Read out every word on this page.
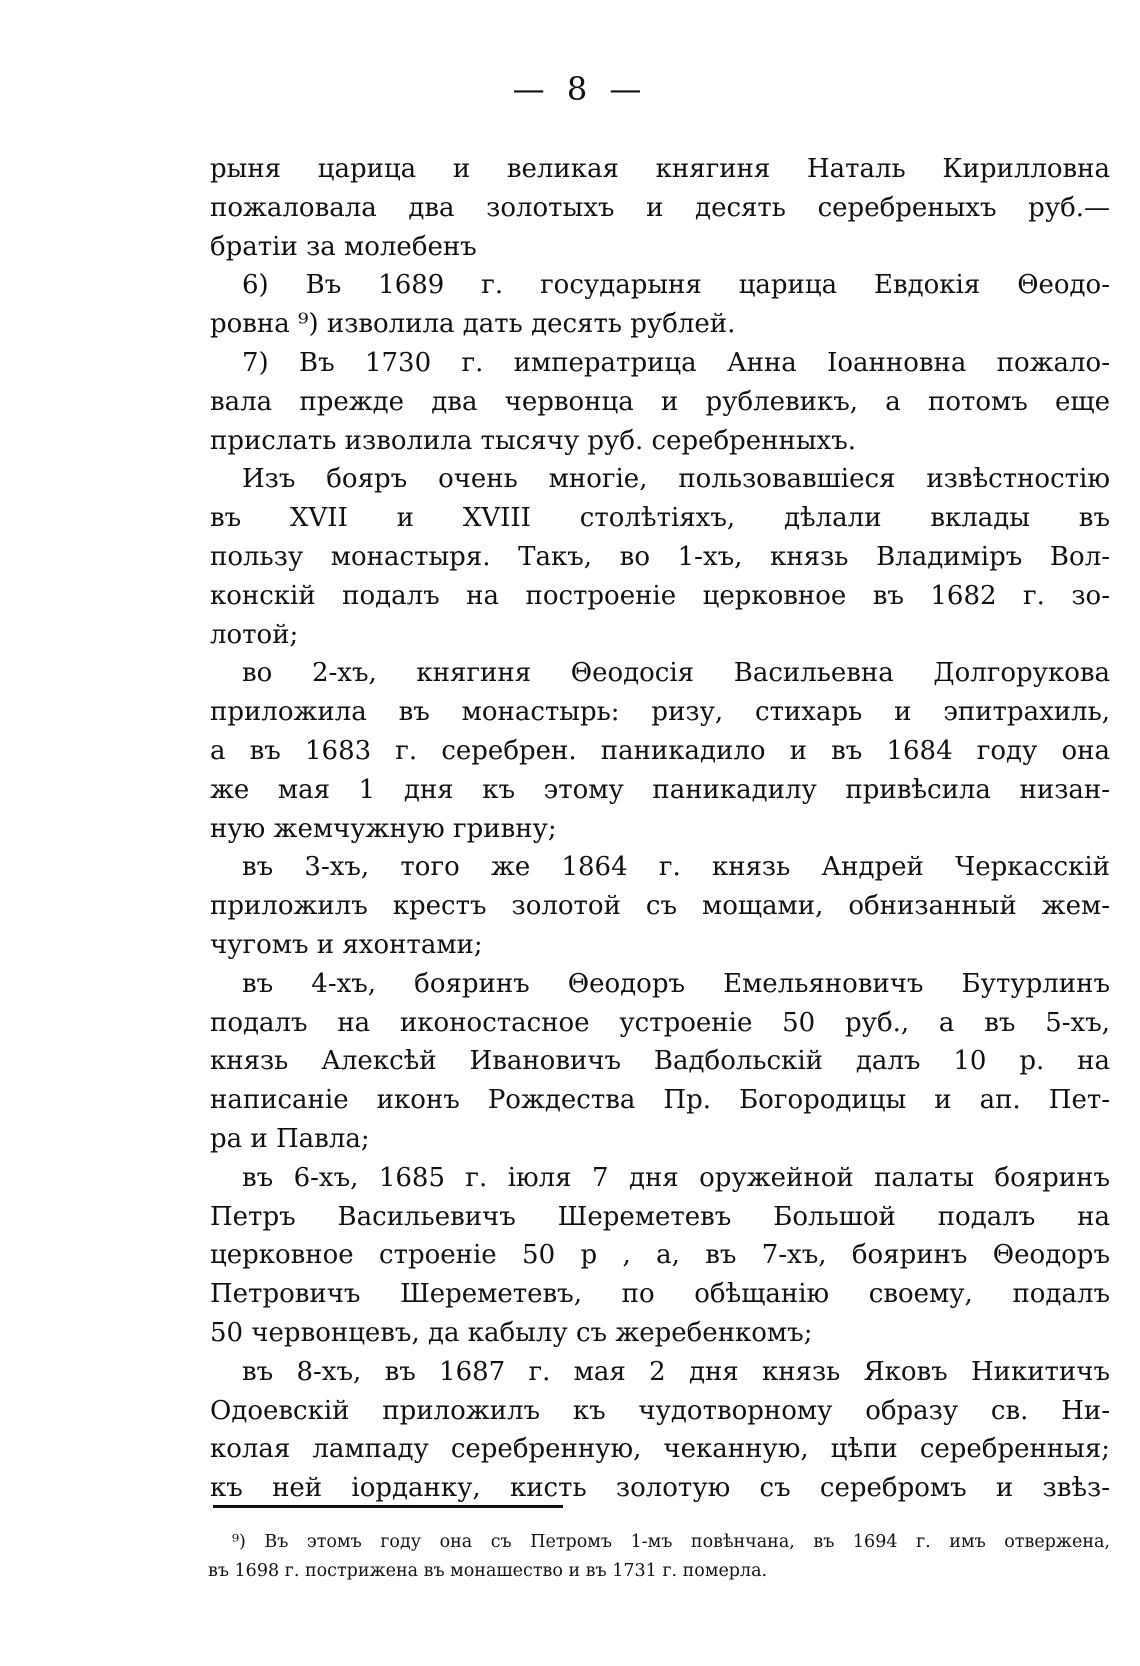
— 8 —
рыня царица и великая княгиня Наталь Кирилловна
пожаловала два золотыхъ и десять серебреныхъ руб.—
братіи за молебенъ
6) Въ 1689 г. государыня царица Евдокія Θеодо-
ровна ⁹) изволила дать десять рублей.
7) Въ 1730 г. императрица Анна Іоанновна пожало-
вала прежде два червонца и рублевикъ, а потомъ еще
прислать изволила тысячу руб. серебренныхъ.
Изъ бояръ очень многіе, пользовавшіеся извѣстностію
въ XVII и XVIII столѣтіяхъ, дѣлали вклады въ
пользу монастыря. Такъ, во 1-хъ, князь Владиміръ Вол-
конскій подалъ на построеніе церковное въ 1682 г. зо-
лотой;
во 2-хъ, княгиня Θеодосія Васильевна Долгорукова
приложила въ монастырь: ризу, стихарь и эпитрахиль,
а въ 1683 г. серебрен. паникадило и въ 1684 году она
же мая 1 дня къ этому паникадилу привѣсила низан-
ную жемчужную гривну;
въ 3-хъ, того же 1864 г. князь Андрей Черкасскій
приложилъ крестъ золотой съ мощами, обнизанный жем-
чугомъ и яхонтами;
въ 4-хъ, бояринъ Θеодоръ Емельяновичъ Бутурлинъ
подалъ на иконостасное устроеніе 50 руб., а въ 5-хъ,
князь Алексѣй Ивановичъ Вадбольскій далъ 10 р. на
написаніе иконъ Рождества Пр. Богородицы и ап. Пет-
ра и Павла;
въ 6-хъ, 1685 г. іюля 7 дня оружейной палаты бояринъ
Петръ Васильевичъ Шереметевъ Большой подалъ на
церковное строеніе 50 р , а, въ 7-хъ, бояринъ Θеодоръ
Петровичъ Шереметевъ, по обѣщанію своему, подалъ
50 червонцевъ, да кабылу съ жеребенкомъ;
въ 8-хъ, въ 1687 г. мая 2 дня князь Яковъ Никитичъ
Одоевскій приложилъ къ чудотворному образу св. Ни-
колая лампаду серебренную, чеканную, цѣпи серебренныя;
къ ней іорданку, кисть золотую съ серебромъ и звѣз-
⁹) Въ этомъ году она съ Петромъ 1-мъ повѣнчана, въ 1694 г. имъ отвержена,
въ 1698 г. пострижена въ монашество и въ 1731 г. померла.
